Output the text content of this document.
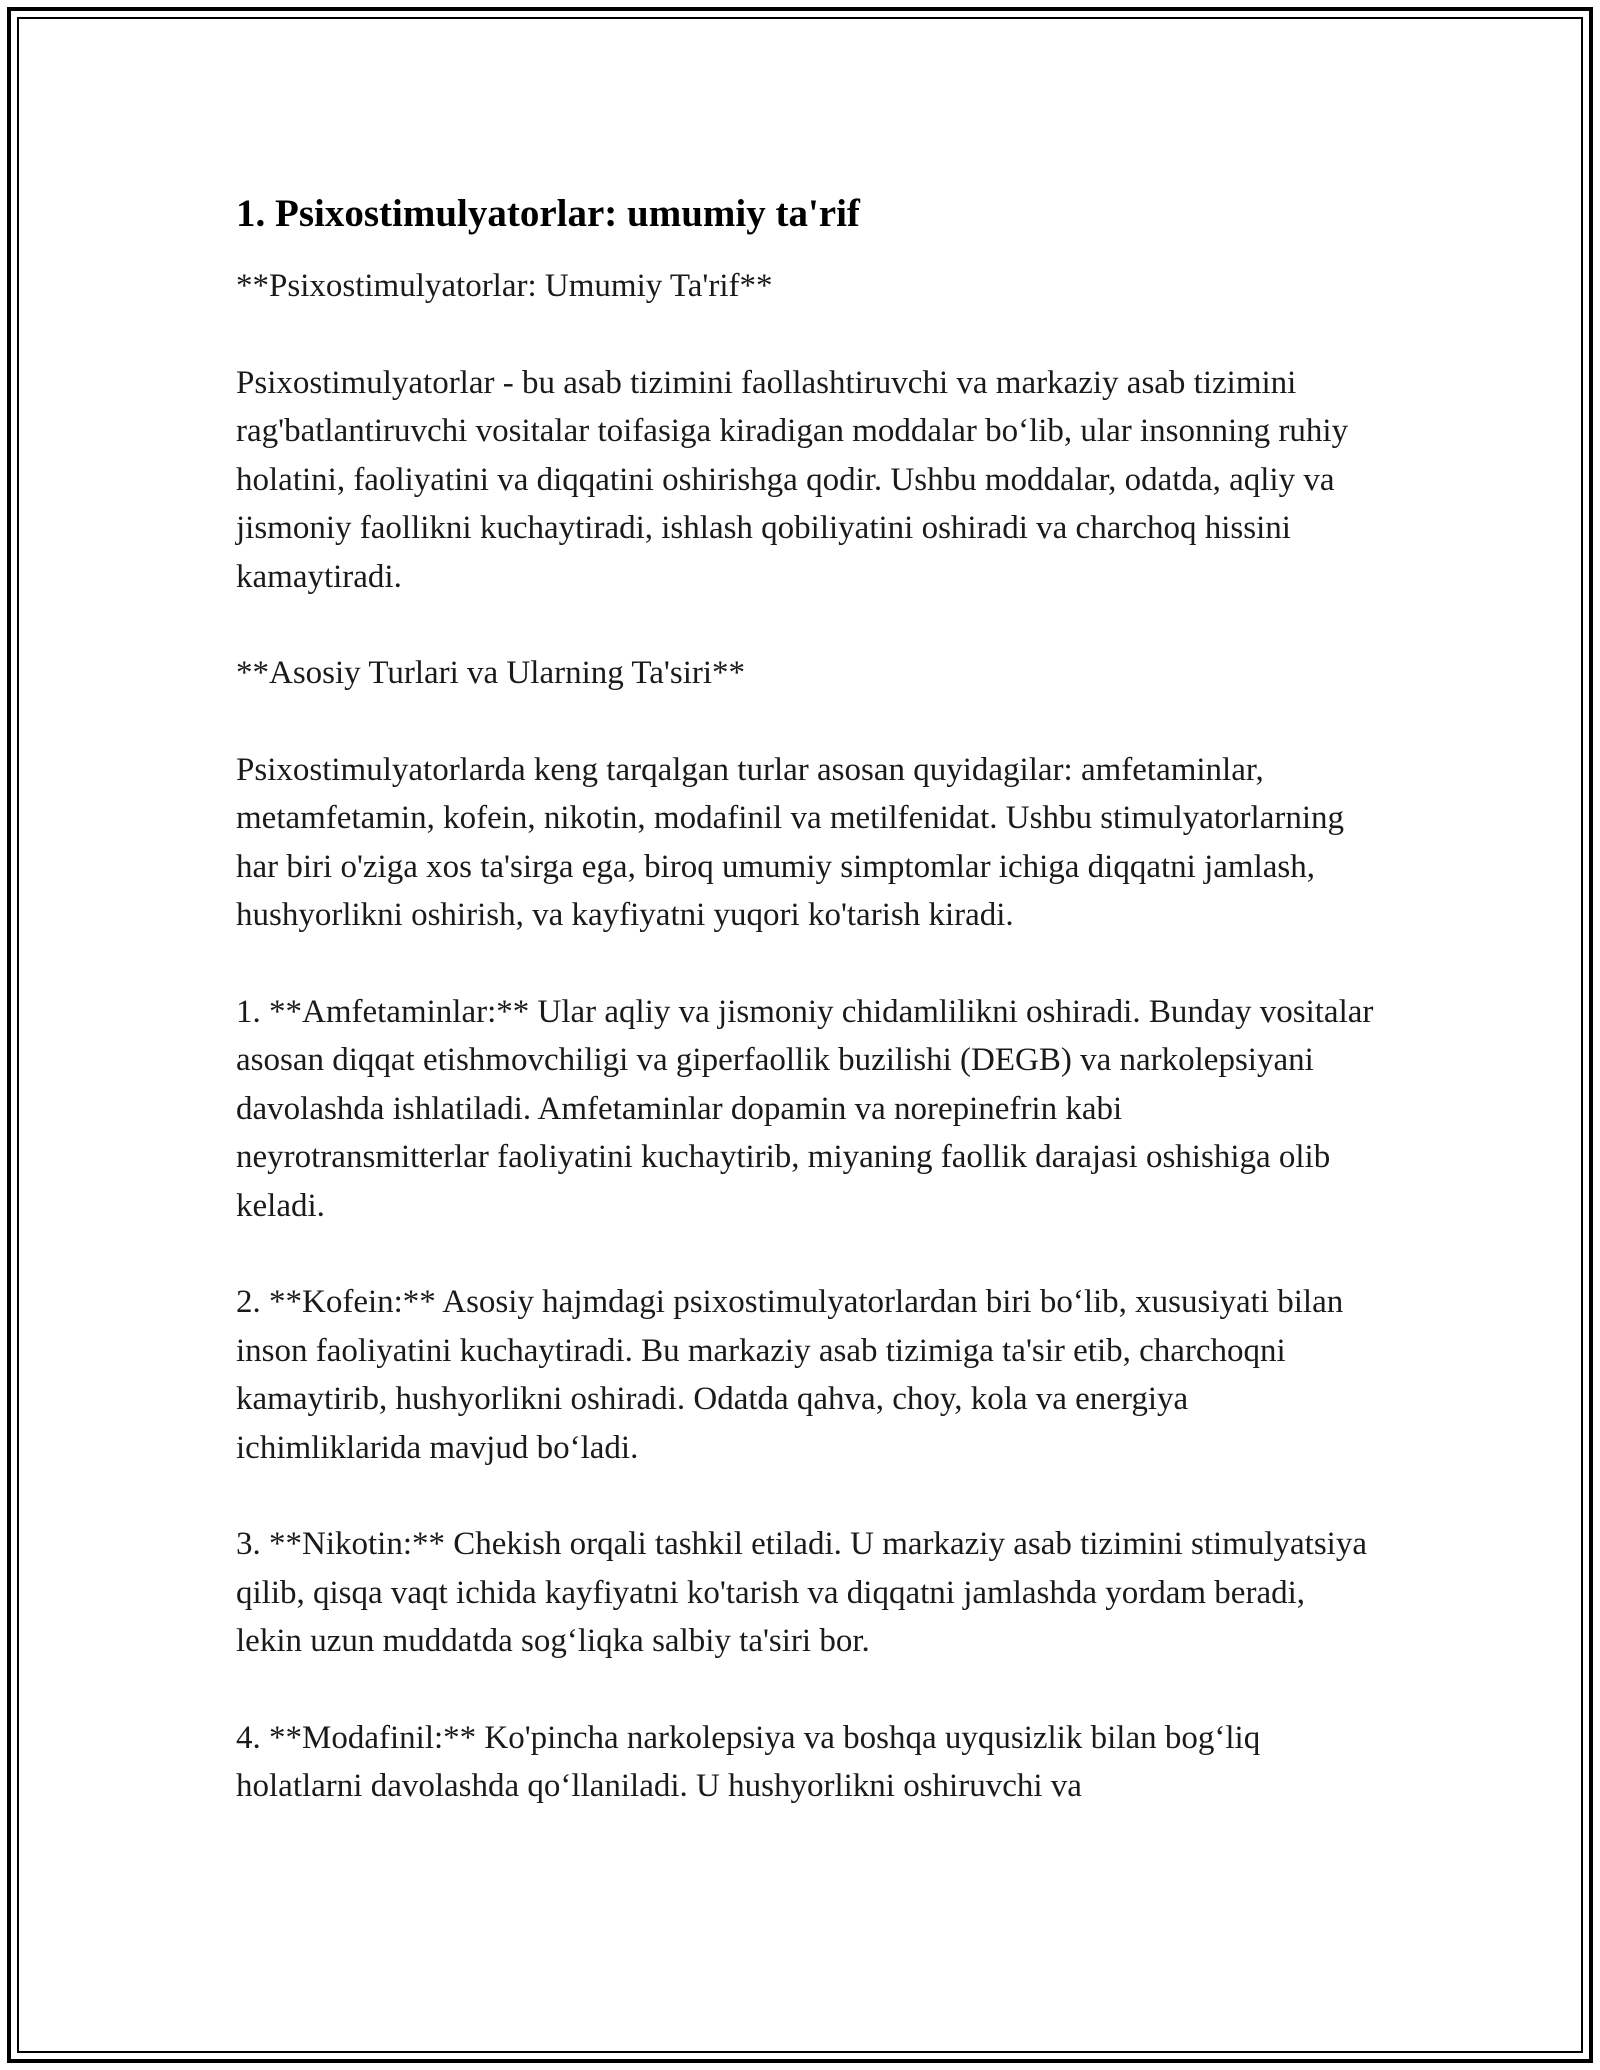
1. Psixostimulyatorlar: umumiy ta'rif

**Psixostimulyatorlar: Umumiy Ta'rif**

Psixostimulyatorlar - bu asab tizimini faollashtiruvchi va markaziy asab tizimini rag'batlantiruvchi vositalar toifasiga kiradigan moddalar bo‘lib, ular insonning ruhiy holatini, faoliyatini va diqqatini oshirishga qodir. Ushbu moddalar, odatda, aqliy va jismoniy faollikni kuchaytiradi, ishlash qobiliyatini oshiradi va charchoq hissini kamaytiradi.

**Asosiy Turlari va Ularning Ta'siri**

Psixostimulyatorlarda keng tarqalgan turlar asosan quyidagilar: amfetaminlar, metamfetamin, kofein, nikotin, modafinil va metilfenidat. Ushbu stimulyatorlarning har biri o'ziga xos ta'sirga ega, biroq umumiy simptomlar ichiga diqqatni jamlash, hushyorlikni oshirish, va kayfiyatni yuqori ko'tarish kiradi.

1. **Amfetaminlar:** Ular aqliy va jismoniy chidamlilikni oshiradi. Bunday vositalar asosan diqqat etishmovchiligi va giperfaollik buzilishi (DEGB) va narkolepsiyani davolashda ishlatiladi. Amfetaminlar dopamin va norepinefrin kabi neyrotransmitterlar faoliyatini kuchaytirib, miyaning faollik darajasi oshishiga olib keladi.

2. **Kofein:** Asosiy hajmdagi psixostimulyatorlardan biri bo‘lib, xususiyati bilan inson faoliyatini kuchaytiradi. Bu markaziy asab tizimiga ta'sir etib, charchoqni kamaytirib, hushyorlikni oshiradi. Odatda qahva, choy, kola va energiya ichimliklarida mavjud bo‘ladi.

3. **Nikotin:** Chekish orqali tashkil etiladi. U markaziy asab tizimini stimulyatsiya qilib, qisqa vaqt ichida kayfiyatni ko'tarish va diqqatni jamlashda yordam beradi, lekin uzun muddatda sog‘liqka salbiy ta'siri bor.

4. **Modafinil:** Ko'pincha narkolepsiya va boshqa uyqusizlik bilan bog‘liq holatlarni davolashda qo‘llaniladi. U hushyorlikni oshiruvchi va
